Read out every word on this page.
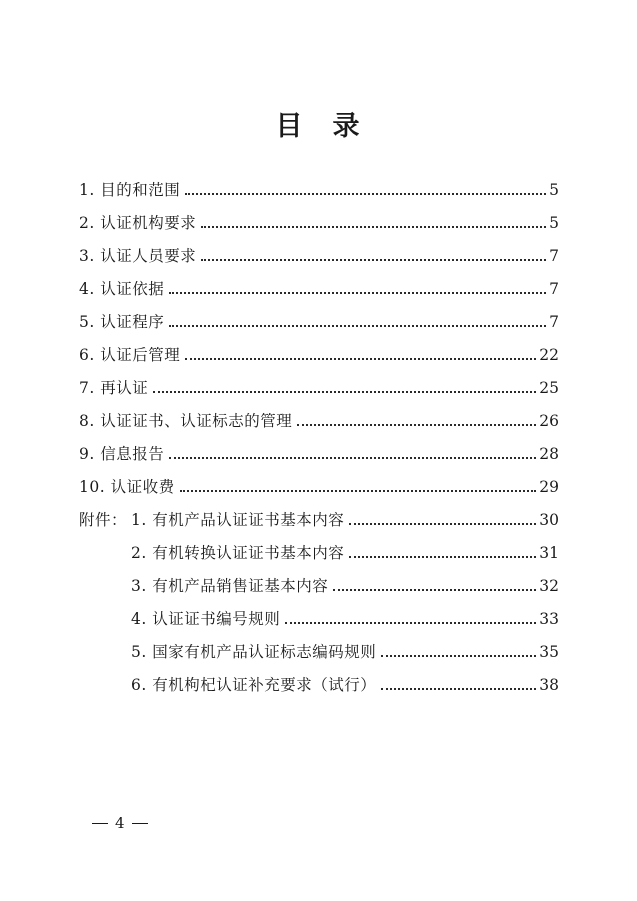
目 录
1. 目的和范围	5
2. 认证机构要求	5
3. 认证人员要求	7
4. 认证依据	7
5. 认证程序	7
6. 认证后管理	22
7. 再认证	25
8. 认证证书、认证标志的管理	26
9. 信息报告	28
10. 认证收费	29
附件： 1. 有机产品认证证书基本内容	30
2. 有机转换认证证书基本内容	31
3. 有机产品销售证基本内容	32
4. 认证证书编号规则	33
5. 国家有机产品认证标志编码规则	35
6. 有机枸杞认证补充要求（试行）	38
4
